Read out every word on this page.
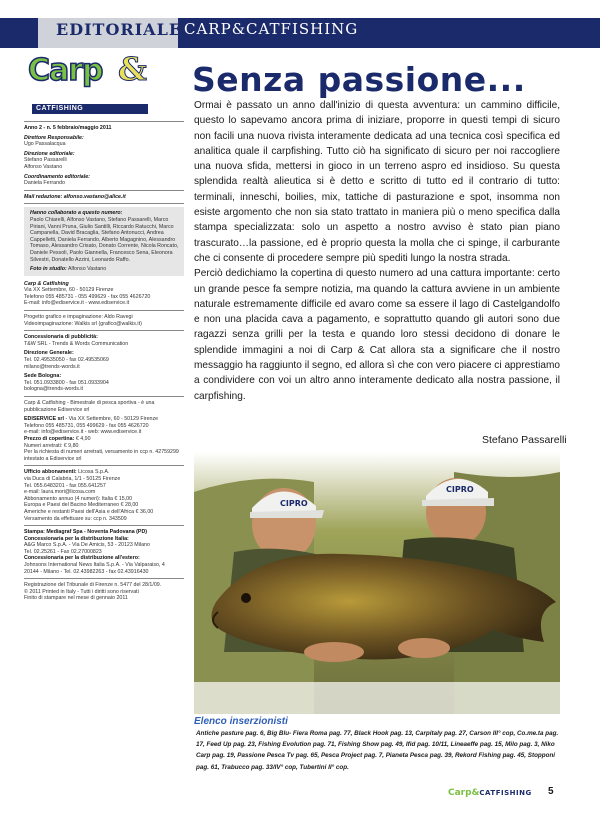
EDITORIALE CARP&CATFISHING
Carp &
CATFISHING
Anno 2 - n. 5 febbraio/maggio 2011
Direttore Responsabile:
Ugo Passalacqua
Direzione editoriale:
Stefano Passarelli
Alfonso Vastano
Coordinamento editoriale:
Daniela Ferrando
Mail redazione: alfonso.vastano@alice.it
Hanno collaborato a questo numero:
Paolo Chiarelli, Alfonso Vastano, Stefano Passarelli, Marco Piriani, Vanni Pruna, Giulio Santilli, Riccardo Ratucchi, Marco Campanella, David Bracaglia, Stefano Antonucci, Andrea Cappelletti, Daniela Ferrando, Alberto Magagnino, Alessandro Tomaso, Alessandro Crisato, Donato Corrente, Nicola Roncato, Daniele Pessoli, Paolo Giannella, Francesco Sena, Eleonora Silvestri, Donatello Azzini, Leonardo Raffo.
Foto in studio: Alfonso Vastano
Carp & Catfishing
Via XX Settembre, 60 - 50129 Firenze
Telefono 055 485731 - 055 499629 - fax 055 4626720
E-mail: info@ediservice.it - www.ediservice.it
Progetto grafico e impaginazione: Aldo Ravegi
Videoimpaginazione: Walkis srl (grafico@walkis.it)
Concessionaria di pubblicità:
T&W SRL - Trends & Words Communication
Direzione Generale:
Tel. 02.49535050 - fax 02.49535069
milano@trends-words.it
Sede Bologna:
Tel. 051.0933800 - fax 051.0933904
bologna@trends-words.it
Carp & Catfishing - Bimestrale di pesca sportiva - è una pubblicazione Ediservice srl
EDISERVICE srl - Via XX Settembre, 60 - 50129 Firenze
Telefono 055 485731, 055 499629 - fax 055 4626720
e-mail: info@ediservice.it - web: www.ediservice.it
Prezzo di copertina: € 4,90
Numeri arretrati: € 9,80
Per la richiesta di numeri arretrati, versamento in ccp n. 42759299 intestato a Ediservice srl
Ufficio abbonamenti: Licosa S.p.A.
via Duca di Calabria, 1/1 - 50125 Firenze
Tel. 055.6483201 - fax 055.641257
e-mail: laura.mori@licosa.com
Abbonamento annuo (4 numeri): Italia € 15,00
Europa e Paesi del Bacino Mediterraneo € 28,00
Americhe e restanti Paesi dell'Asia e dell'Africa € 36,00
Versamento da effettuare su: ccp n. 343509
Stampa: Mediagraf Spa - Noventa Padovana (PD)
Concessionaria per la distribuzione Italia:
A&G Marco S.p.A. - Via De Amicis, 53 - 20123 Milano
Tel. 02.25261 - Fax 02.27000823
Concessionaria per la distribuzione all'estero:
Johnsons International News Italia S.p.A. - Via Valparaiso, 4
20144 - Milano - Tel. 02.43982263 - fax 02.43916430
Registrazione del Tribunale di Firenze n. 5477 del 28/1/09.
© 2011 Printed in Italy - Tutti i diritti sono riservati
Finito di stampare nel mese di gennaio 2011
Senza passione...

Ormai è passato un anno dall'inizio di questa avventura: un cammino difficile, questo lo sapevamo ancora prima di iniziare, proporre in questi tempi di sicuro non facili una nuova rivista interamente dedicata ad una tecnica così specifica ed analitica quale il carpfishing. Tutto ciò ha significato di sicuro per noi raccogliere una nuova sfida, mettersi in gioco in un terreno aspro ed insidioso. Su questa splendida realtà alieutica si è detto e scritto di tutto ed il contrario di tutto: terminali, inneschi, boilies, mix, tattiche di pasturazione e spot, insomma non esiste argomento che non sia stato trattato in maniera più o meno specifica dalla stampa specializzata: solo un aspetto a nostro avviso è stato pian piano trascurato…la passione, ed è proprio questa la molla che ci spinge, il carburante che ci consente di procedere sempre più spediti lungo la nostra strada.

Perciò dedichiamo la copertina di questo numero ad una cattura importante: certo un grande pesce fa sempre notizia, ma quando la cattura avviene in un ambiente naturale estremamente difficile ed avaro come sa essere il lago di Castelgandolfo e non una placida cava a pagamento, e soprattutto quando gli autori sono due ragazzi senza grilli per la testa e quando loro stessi decidono di donare le splendide immagini a noi di Carp & Cat allora sta a significare che il nostro messaggio ha raggiunto il segno, ed allora sì che con vero piacere ci apprestiamo a condividere con voi un altro anno interamente dedicato alla nostra passione, il carpfishing.

Stefano Passarelli
CIPRO
CIPRO
Elenco inserzionisti
Antiche pasture pag. 6, Big Blu- Fiera Roma pag. 77, Black Hook pag. 13, Carpitaly pag. 27, Carson III° cop, Co.me.ta pag. 17, Feed Up pag. 23, Fishing Evolution pag. 71, Fishing Show pag. 49, Ifid pag. 10/11, Lineaeffe pag. 15, Milo pag. 3, Niko Carp pag. 19, Passione Pesca Tv pag. 65, Pesca Project pag. 7, Pianeta Pesca pag. 39, Rekord Fishing pag. 45, Stopponi pag. 61, Trabucco pag. 33/IV° cop, Tubertini II° cop.
Carp&CATFISHING 5
